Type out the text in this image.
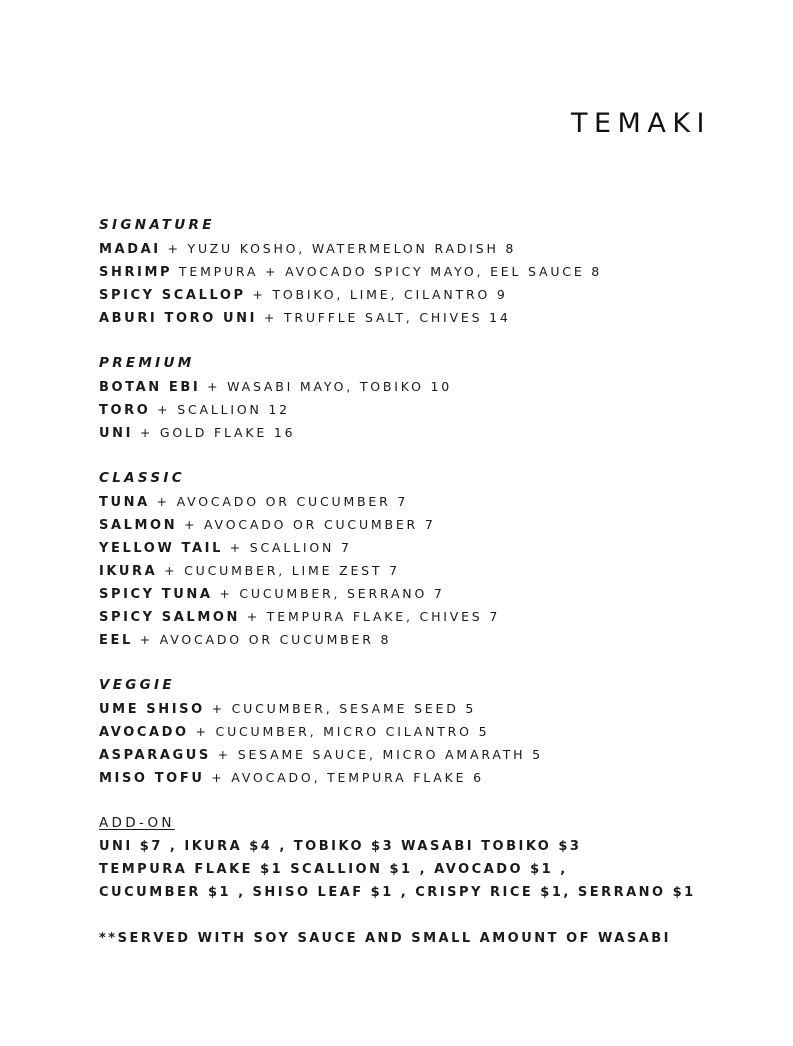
TEMAKI
SIGNATURE
MADAI + YUZU KOSHO, WATERMELON RADISH 8
SHRIMP TEMPURA + AVOCADO SPICY MAYO, EEL SAUCE 8
SPICY SCALLOP + TOBIKO, LIME, CILANTRO 9
ABURI TORO UNI + TRUFFLE SALT, CHIVES 14
PREMIUM
BOTAN EBI + WASABI MAYO, TOBIKO 10
TORO + SCALLION 12
UNI + GOLD FLAKE 16
CLASSIC
TUNA + AVOCADO OR CUCUMBER 7
SALMON + AVOCADO OR CUCUMBER 7
YELLOW TAIL + SCALLION 7
IKURA + CUCUMBER, LIME ZEST 7
SPICY TUNA + CUCUMBER, SERRANO 7
SPICY SALMON + TEMPURA FLAKE, CHIVES 7
EEL + AVOCADO OR CUCUMBER 8
VEGGIE
UME SHISO + CUCUMBER, SESAME SEED 5
AVOCADO + CUCUMBER, MICRO CILANTRO 5
ASPARAGUS + SESAME SAUCE, MICRO AMARATH 5
MISO TOFU + AVOCADO, TEMPURA FLAKE 6
ADD-ON
UNI $7 , IKURA $4 , TOBIKO $3 WASABI TOBIKO $3
TEMPURA FLAKE $1 SCALLION $1 , AVOCADO $1 ,
CUCUMBER $1 , SHISO LEAF $1 , CRISPY RICE $1, SERRANO $1
**SERVED WITH SOY SAUCE AND SMALL AMOUNT OF WASABI
